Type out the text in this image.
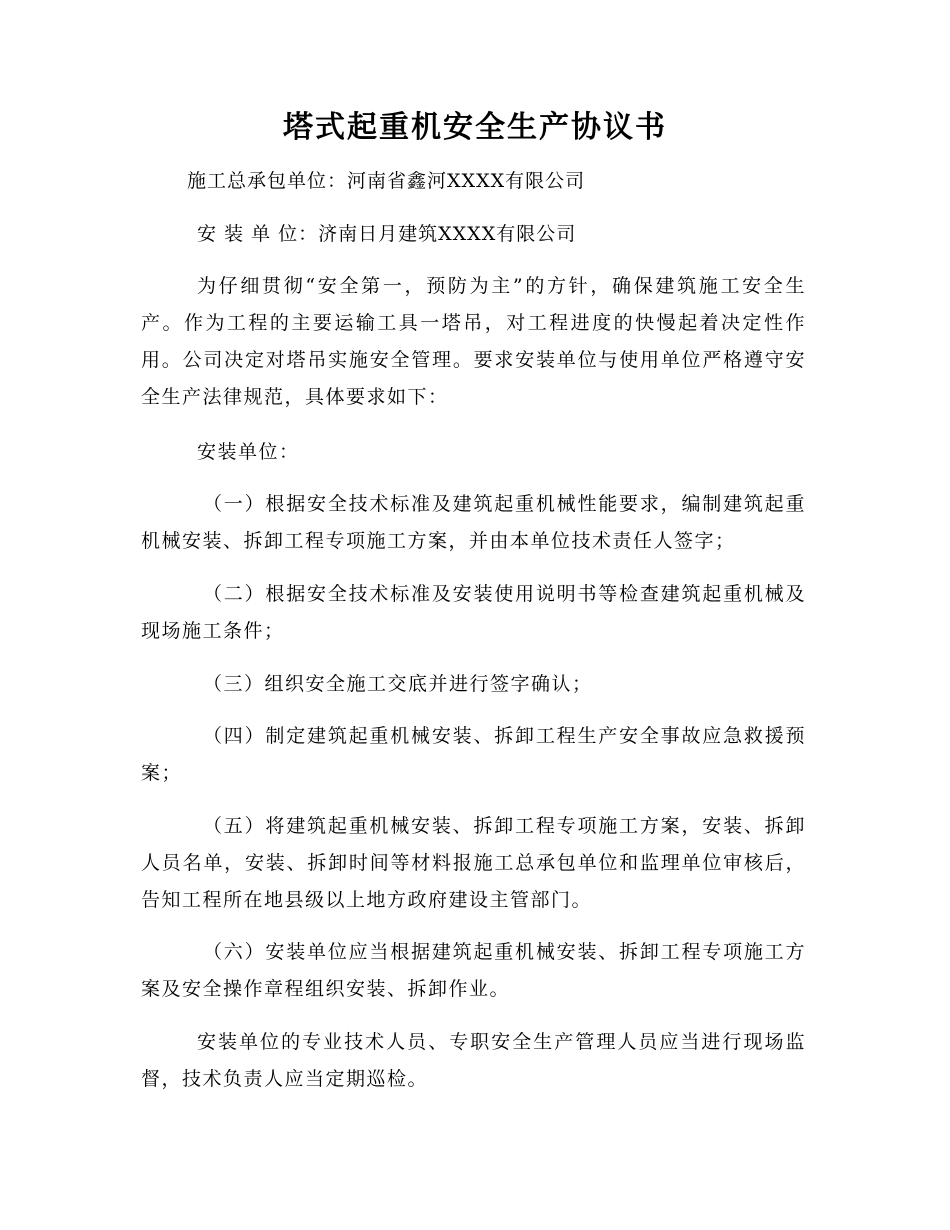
塔式起重机安全生产协议书

施工总承包单位：河南省鑫河XXXX有限公司

安 装 单 位：济南日月建筑XXXX有限公司

为仔细贯彻“安全第一，预防为主”的方针，确保建筑施工安全生产。作为工程的主要运输工具一塔吊，对工程进度的快慢起着决定性作用。公司决定对塔吊实施安全管理。要求安装单位与使用单位严格遵守安全生产法律规范，具体要求如下：

安装单位：

（一）根据安全技术标准及建筑起重机械性能要求，编制建筑起重机械安装、拆卸工程专项施工方案，并由本单位技术责任人签字；

（二）根据安全技术标准及安装使用说明书等检查建筑起重机械及现场施工条件；

（三）组织安全施工交底并进行签字确认；

（四）制定建筑起重机械安装、拆卸工程生产安全事故应急救援预案；

（五）将建筑起重机械安装、拆卸工程专项施工方案，安装、拆卸人员名单，安装、拆卸时间等材料报施工总承包单位和监理单位审核后，告知工程所在地县级以上地方政府建设主管部门。

（六）安装单位应当根据建筑起重机械安装、拆卸工程专项施工方案及安全操作章程组织安装、拆卸作业。

安装单位的专业技术人员、专职安全生产管理人员应当进行现场监督，技术负责人应当定期巡检。
